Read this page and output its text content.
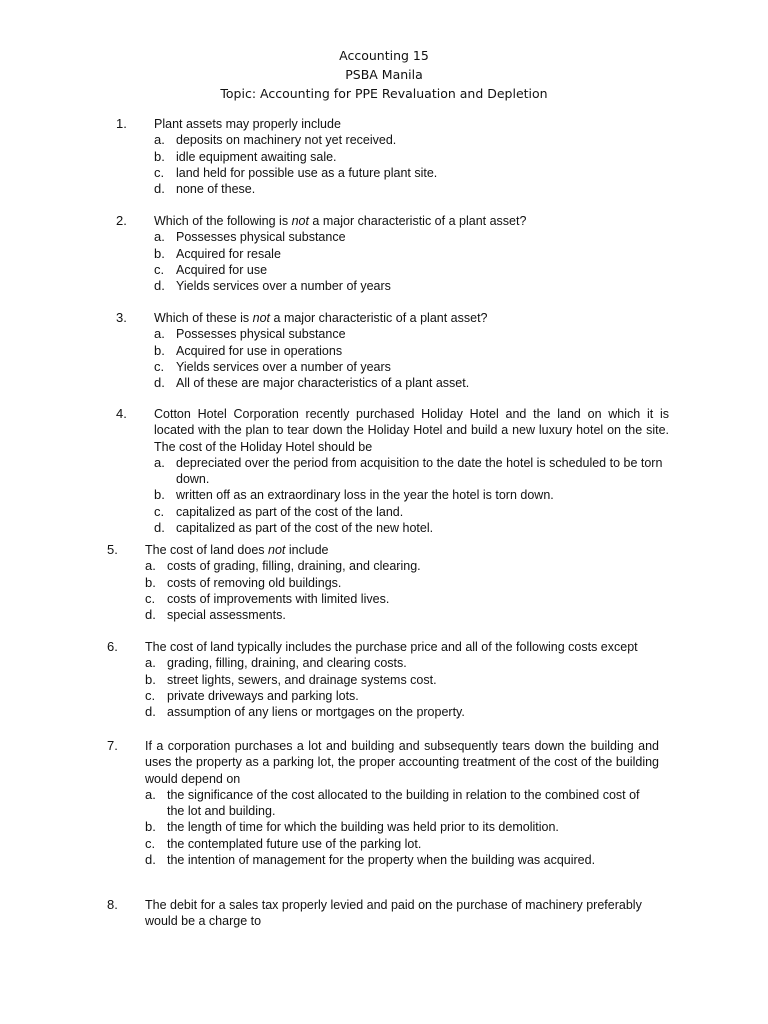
Accounting 15
PSBA Manila
Topic: Accounting for PPE Revaluation and Depletion
1. Plant assets may properly include
a. deposits on machinery not yet received.
b. idle equipment awaiting sale.
c. land held for possible use as a future plant site.
d. none of these.
2. Which of the following is not a major characteristic of a plant asset?
a. Possesses physical substance
b. Acquired for resale
c. Acquired for use
d. Yields services over a number of years
3. Which of these is not a major characteristic of a plant asset?
a. Possesses physical substance
b. Acquired for use in operations
c. Yields services over a number of years
d. All of these are major characteristics of a plant asset.
4. Cotton Hotel Corporation recently purchased Holiday Hotel and the land on which it is located with the plan to tear down the Holiday Hotel and build a new luxury hotel on the site. The cost of the Holiday Hotel should be
a. depreciated over the period from acquisition to the date the hotel is scheduled to be torn down.
b. written off as an extraordinary loss in the year the hotel is torn down.
c. capitalized as part of the cost of the land.
d. capitalized as part of the cost of the new hotel.
5. The cost of land does not include
a. costs of grading, filling, draining, and clearing.
b. costs of removing old buildings.
c. costs of improvements with limited lives.
d. special assessments.
6. The cost of land typically includes the purchase price and all of the following costs except
a. grading, filling, draining, and clearing costs.
b. street lights, sewers, and drainage systems cost.
c. private driveways and parking lots.
d. assumption of any liens or mortgages on the property.
7. If a corporation purchases a lot and building and subsequently tears down the building and uses the property as a parking lot, the proper accounting treatment of the cost of the building would depend on
a. the significance of the cost allocated to the building in relation to the combined cost of the lot and building.
b. the length of time for which the building was held prior to its demolition.
c. the contemplated future use of the parking lot.
d. the intention of management for the property when the building was acquired.
8. The debit for a sales tax properly levied and paid on the purchase of machinery preferably would be a charge to
